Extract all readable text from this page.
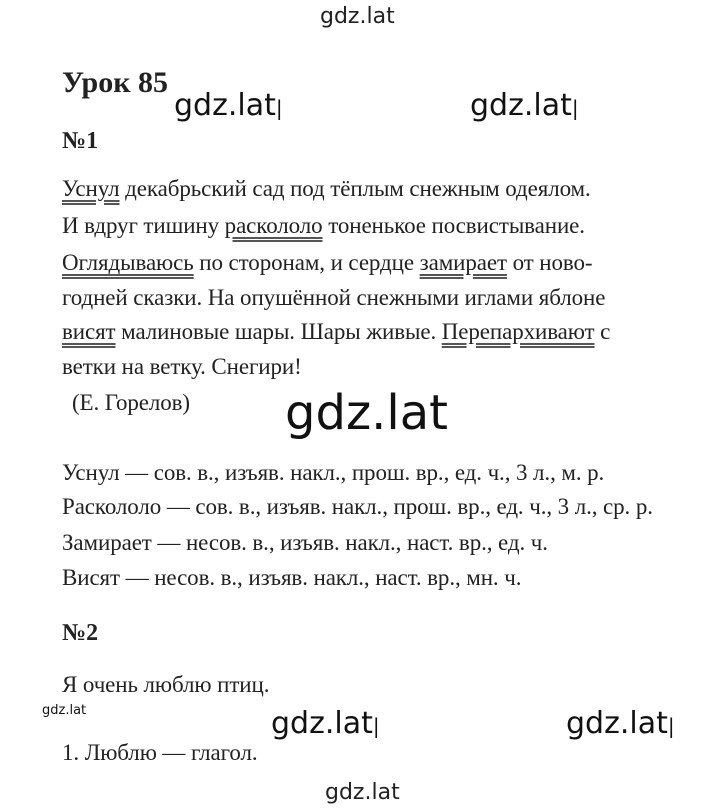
gdz.lat
gdz.lat|	gdz.lat|
gdz.lat
gdz.lat	gdz.lat|	gdz.lat|
gdz.lat
Урок 85
№1
Уснул декабрьский сад под тёплым снежным одеялом.
И вдруг тишину раскололо тоненькое посвистывание.
Оглядываюсь по сторонам, и сердце замирает от ново-
годней сказки. На опушённой снежными иглами яблоне
висят малиновые шары. Шары живые. Перепархивают с
ветки на ветку. Снегири!
(Е. Горелов)
Уснул — сов. в., изъяв. накл., прош. вр., ед. ч., 3 л., м. р.
Раскололо — сов. в., изъяв. накл., прош. вр., ед. ч., 3 л., ср. р.
Замирает — несов. в., изъяв. накл., наст. вр., ед. ч.
Висят — несов. в., изъяв. накл., наст. вр., мн. ч.
№2
Я очень люблю птиц.
1. Люблю — глагол.
